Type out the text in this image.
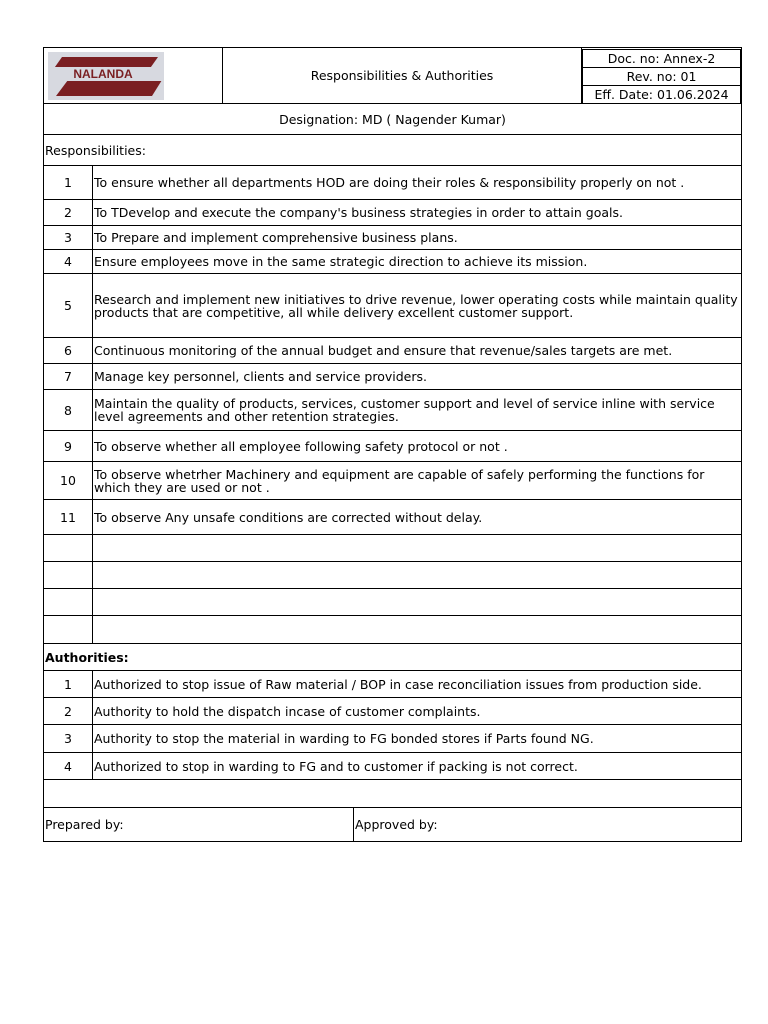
NALANDA	Responsibilities & Authorities	
Doc. no: Annex-2
Rev. no: 01
Eff. Date: 01.06.2024

Designation: MD ( Nagender Kumar)
Responsibilities:
1	To ensure whether all departments HOD are doing their roles & responsibility properly on not .
2	To TDevelop and execute the company's business strategies in order to attain goals.
3	To Prepare and implement comprehensive business plans.
4	Ensure employees move in the same strategic direction to achieve its mission.
5	Research and implement new initiatives to drive revenue, lower operating costs while maintain quality products that are competitive, all while delivery excellent customer support.
6	Continuous monitoring of the annual budget and ensure that revenue/sales targets are met.
7	Manage key personnel, clients and service providers.
8	Maintain the quality of products, services, customer support and level of service inline with service level agreements and other retention strategies.
9	To observe whether all employee following safety protocol or not .
10	To observe whetrher Machinery and equipment are capable of safely performing the functions for which they are used or not .
11	To observe Any unsafe conditions are corrected without delay.

Authorities:
1	Authorized to stop issue of Raw material / BOP in case reconciliation issues from production side.
2	Authority to hold the dispatch incase of customer complaints.
3	Authority to stop the material in warding to FG bonded stores if Parts found NG.
4	Authorized to stop in warding to FG and to customer if packing is not correct.

Prepared by:	Approved by:
